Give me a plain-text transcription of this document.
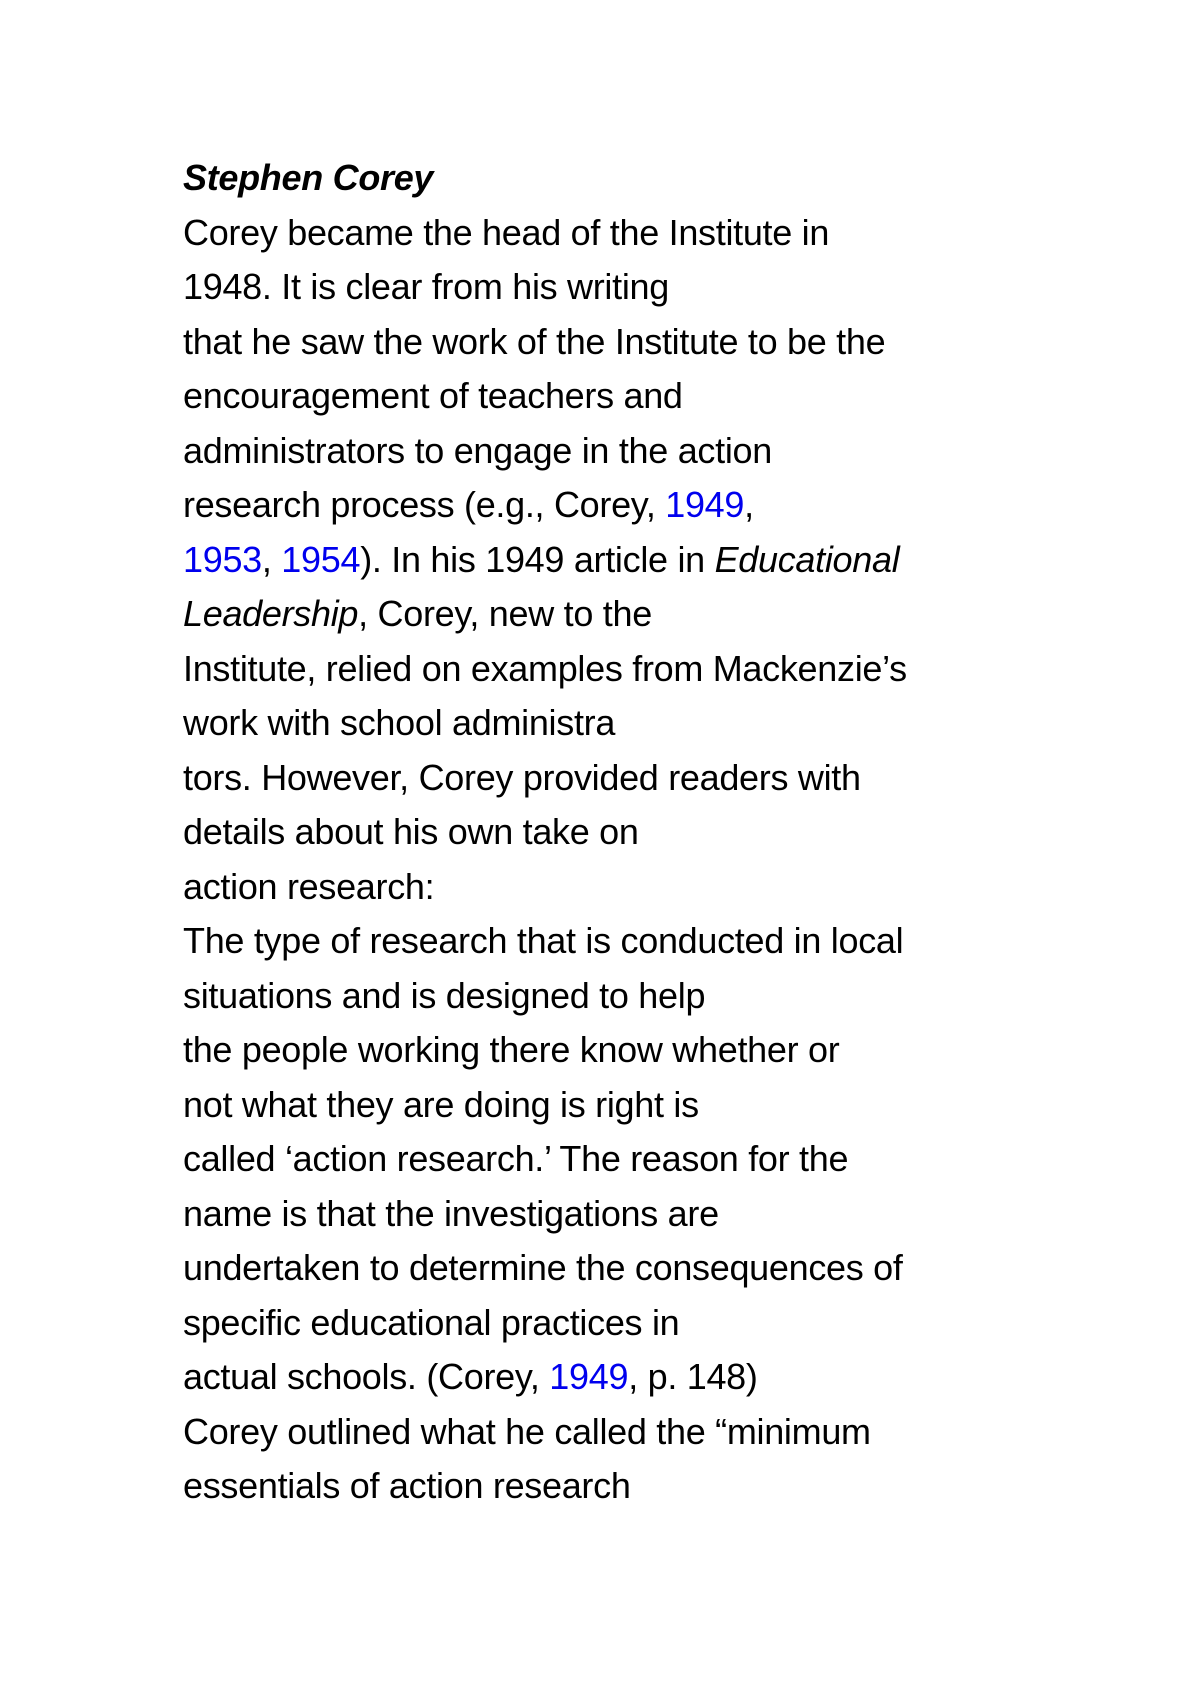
Stephen Corey
Corey became the head of the Institute in
1948. It is clear from his writing
that he saw the work of the Institute to be the
encouragement of teachers and
administrators to engage in the action
research process (e.g., Corey, 1949,
1953, 1954). In his 1949 article in Educational
Leadership, Corey, new to the
Institute, relied on examples from Mackenzie’s
work with school administra
tors. However, Corey provided readers with
details about his own take on
action research:
The type of research that is conducted in local
situations and is designed to help
the people working there know whether or
not what they are doing is right is
called ‘action research.’ The reason for the
name is that the investigations are
undertaken to determine the consequences of
specific educational practices in
actual schools. (Corey, 1949, p. 148)
Corey outlined what he called the “minimum
essentials of action research
